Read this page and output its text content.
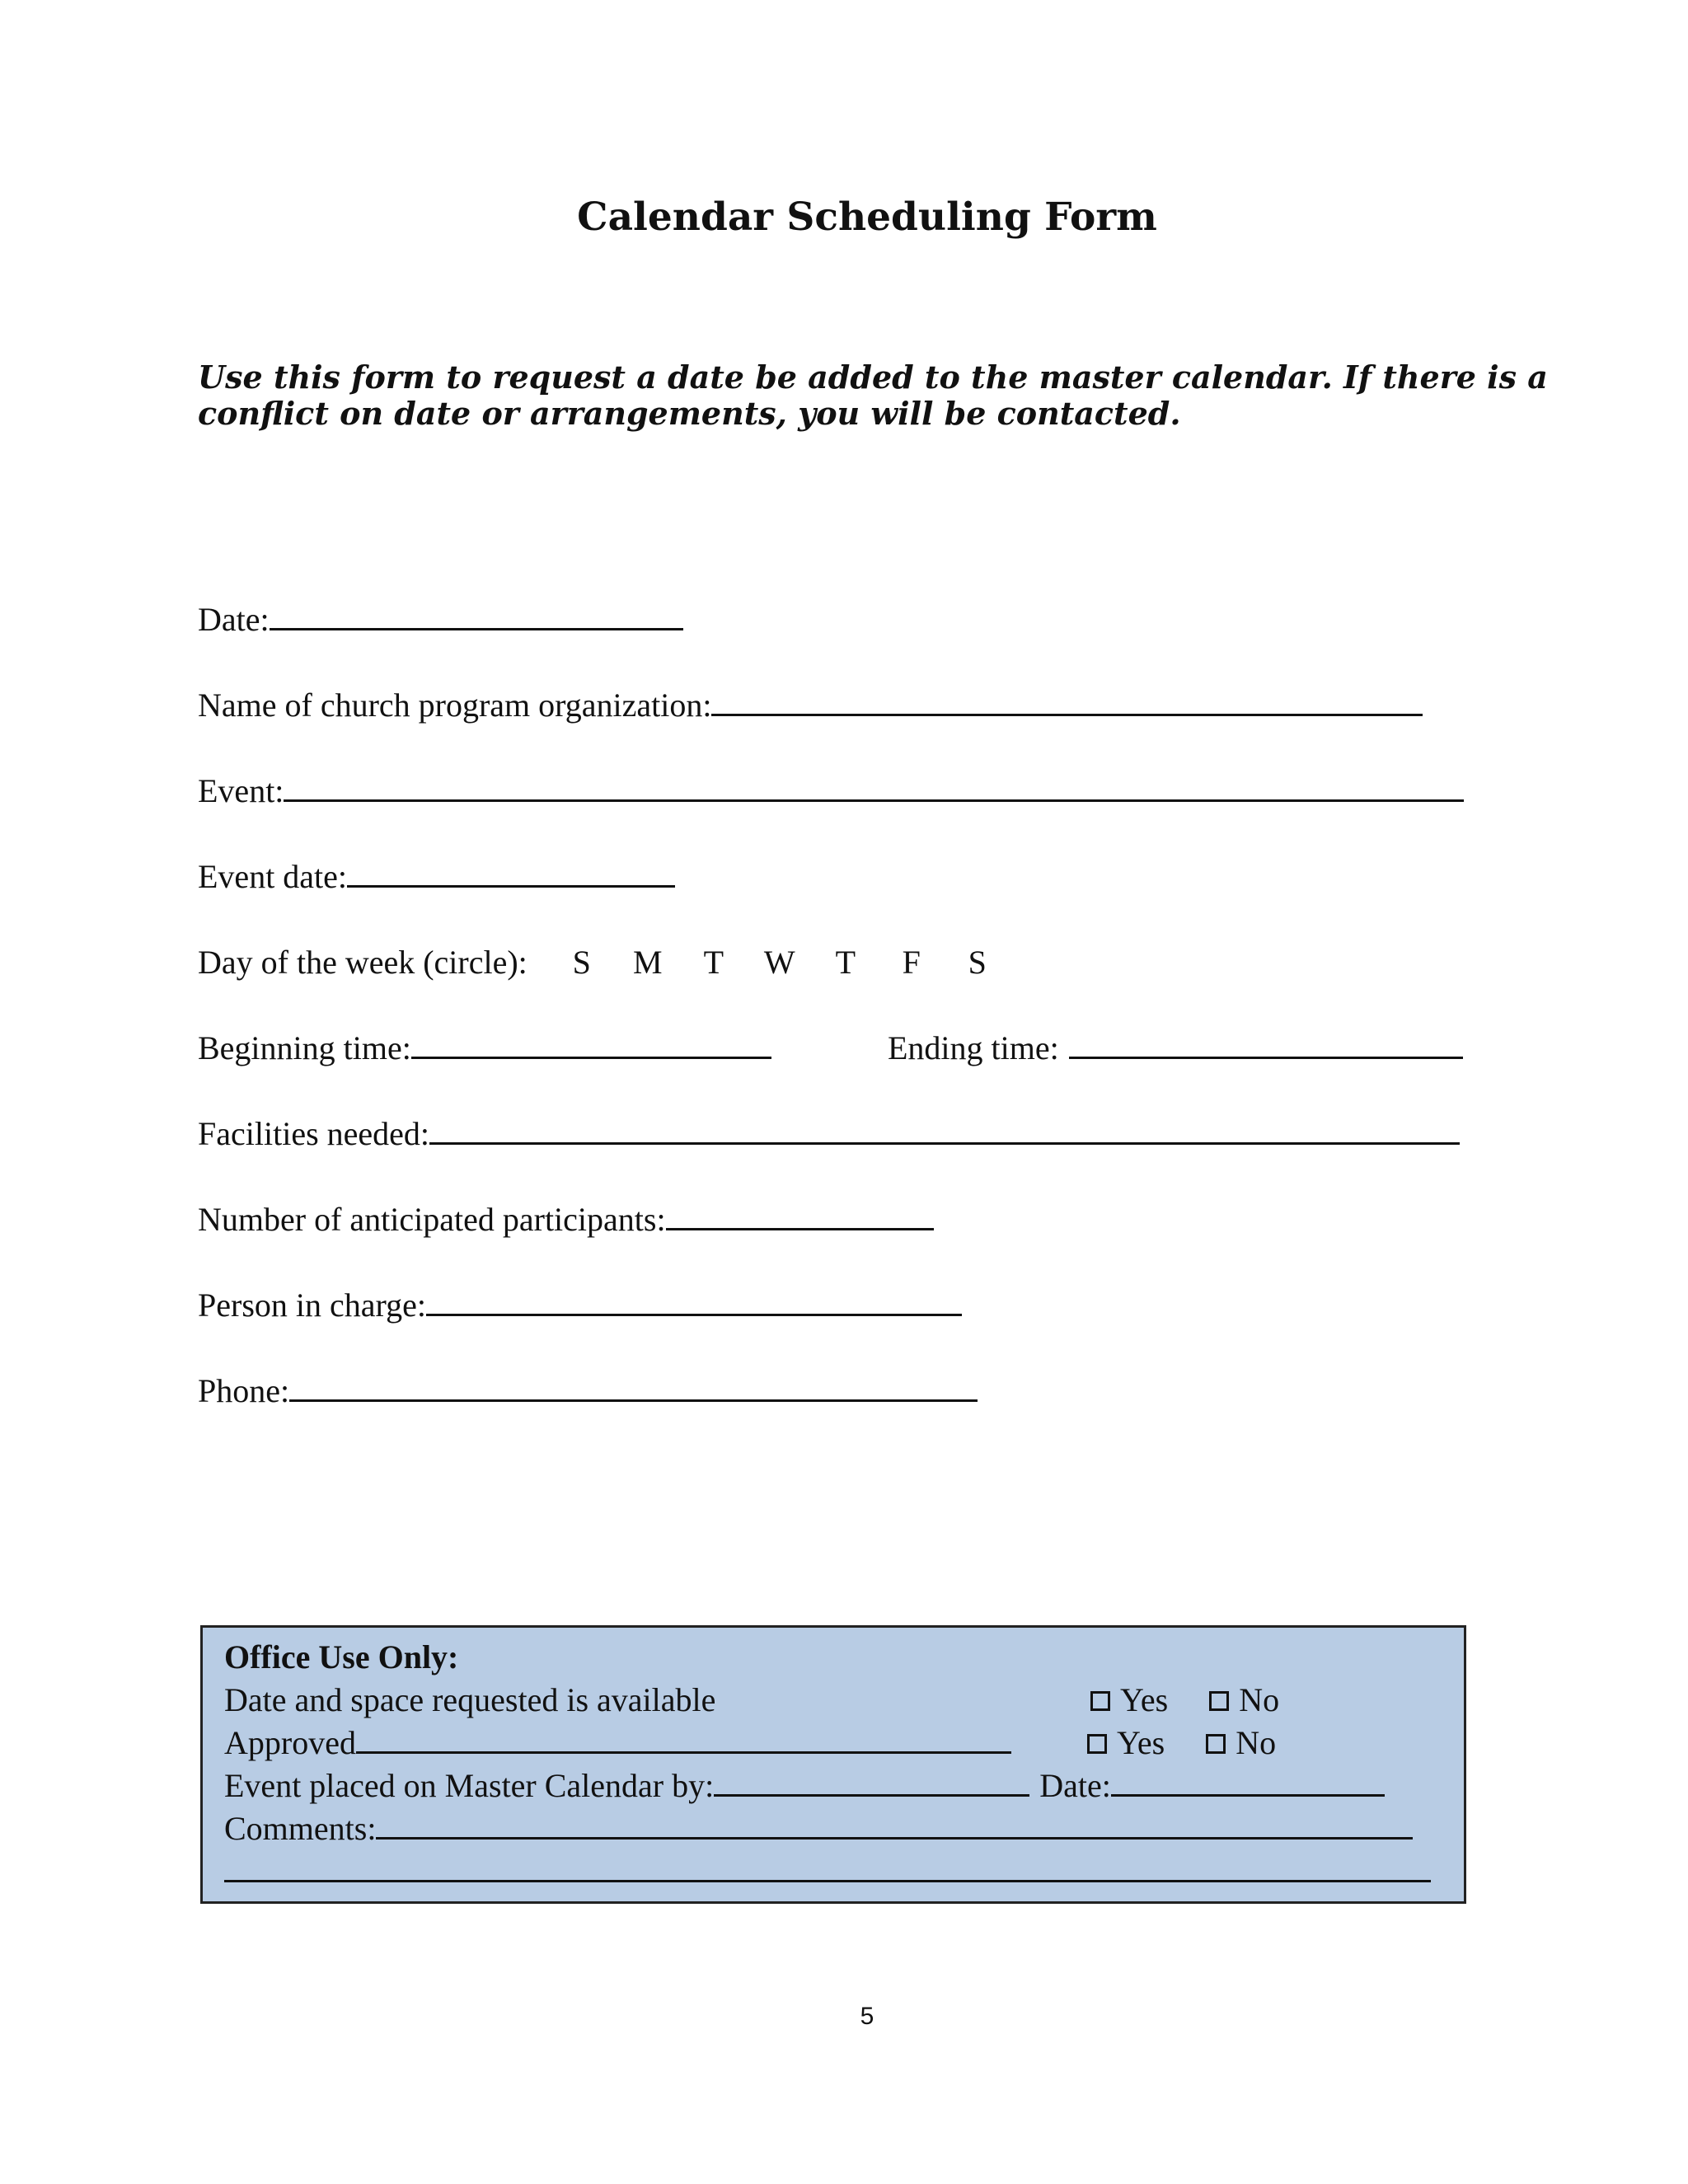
Calendar Scheduling Form

Use this form to request a date be added to the master calendar. If there is a conflict on date or arrangements, you will be contacted.

Date:
Name of church program organization:
Event:
Event date:
Day of the week (circle):	S	M	T	W	T	F	S
Beginning time:	Ending time:
Facilities needed:
Number of anticipated participants:
Person in charge:
Phone:
Office Use Only:
Date and space requested is available	Yes No
Approved	Yes No
Event placed on Master Calendar by:	Date:
Comments:
5
